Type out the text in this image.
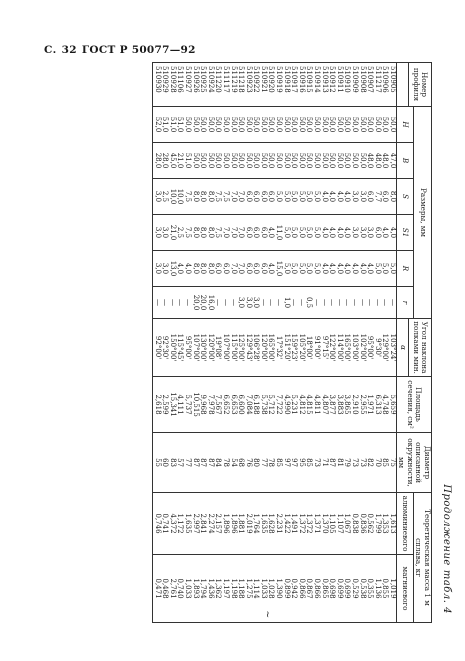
С. 32 ГОСТ Р 50077—92
Продолжениетабл. 4
~
Номер профиля	Размеры, мм						Угол наклона полками мин.	Площадь сечения, см²	Диаметр описанной окружности, мм	Теоретическая масса 1 м сплава, кг	
	H	B	S	S1	R	r				алюминиевого	магниевого
							α				
510905	50,0	47,0	8,0	4,0	5,0	—	103°24'	5,659	75	1,613	1,019
510906	50,0	48,0	6,0	4,0	5,0	—	129°00'	4,748	85	1,353	0,855
511217	50,0	48,0	7,7	6,0	5,0	—	9°30'	6,313	70	1,799	1,136
510907	50,0	48,0	6,0	3,0	4,0	—	95°00'	1,971	82	0,562	0,355
510908	50,0	50,0	3,0	3,0	4,0	—	102°00'	2,955	73	0,836	0,538
510909	50,0	50,0	3,0	3,0	4,0	—	103°00'	2,910	73	0,838	0,529
510910	50,0	50,0	4,0	4,0	4,0	—	165°00'	3,865	79	1,067	0,699
510911	50,0	50,0	4,0	4,0	4,0	—	114°00'	3,883	81	1,107	0,699
510912	50,0	50,0	4,0	4,0	4,0	—	122°00'	3,877	87	1,105	0,698
510913	50,0	50,0	4,0	4,0	4,0	—	97°15'	4,807	71	1,370	0,865
510914	50,0	50,0	5,0	5,0	5,0	—	91°00'	4,811	73	1,371	0,866
510915	50,0	50,0	5,0	5,0	5,0	0,5	18°00'	4,815	85	1,372	0,867
510916	50,0	50,0	5,0	5,0	5,0	—	105°20'	4,812	95	1,372	0,866
510917	50,0	50,0	5,0	5,0	5,0	—	159°23'	5,231	97	1,491	0,942
510918	50,0	50,0	5,0	5,0	5,0	1,0	151°20'	4,990	97	1,422	0,899
510919	50,0	50,0	5,0	11,0	15,0	—	17°32'	7,722	85	2,231	1,390
510920	50,0	50,0	6,0	4,0	4,0	—	165°00'	5,712	78	1,628	1,028
510921	50,0	50,0	6,0	6,0	6,0	—	120°00'	5,738	77	1,635	1,033
510922	50,0	50,0	6,0	6,0	6,0	3,0	106°28'	6,188	80	1,764	1,114
510923	50,0	50,0	6,0	6,0	6,0	3,0	129°43'	7,084	76	2,019	1,275
511218	50,0	50,0	7,0	7,0	7,0	3,0	125°00'	6,600	68	1,881	1,188
511219	50,0	50,0	7,0	7,0	7,0	—	115°00'	6,653	54	1,896	1,198
511117	50,0	50,0	7,5	7,0	6,0	—	107°00'	6,652	78	1,896	1,197
511220	50,0	50,0	7,5	7,5	6,0	—	19°08'	7,567	84	2,157	1,362
510924	50,0	50,0	8,0	8,0	8,0	16,0	120°00'	7,978	87	2,274	1,436
510925	50,0	50,0	8,0	8,0	8,0	20,0	130°00'	9,968	87	2,841	1,794
510926	50,0	50,0	8,0	8,0	8,0	20,0	107°00'	10,515	87	2,997	1,893
510927	50,0	51,0	7,5	7,5	4,0	—	95°00'	5,737	77	1,635	1,033
511106	51,0	21,0	10,0	2,5	4,0	—	115°45'	4,111	57	1,172	0,740
510928	51,0	45,0	10,0	21,0	13,0	—	150°00'	15,341	83	4,372	2,761
510929	51,0	28,0	2,5	3,0	3,0	—	92°30'	2,599	60	0,741	0,468
510930	52,0	28,0	3,0	3,0	3,0	—	92°00'	2,618	55	0,746	0,471
